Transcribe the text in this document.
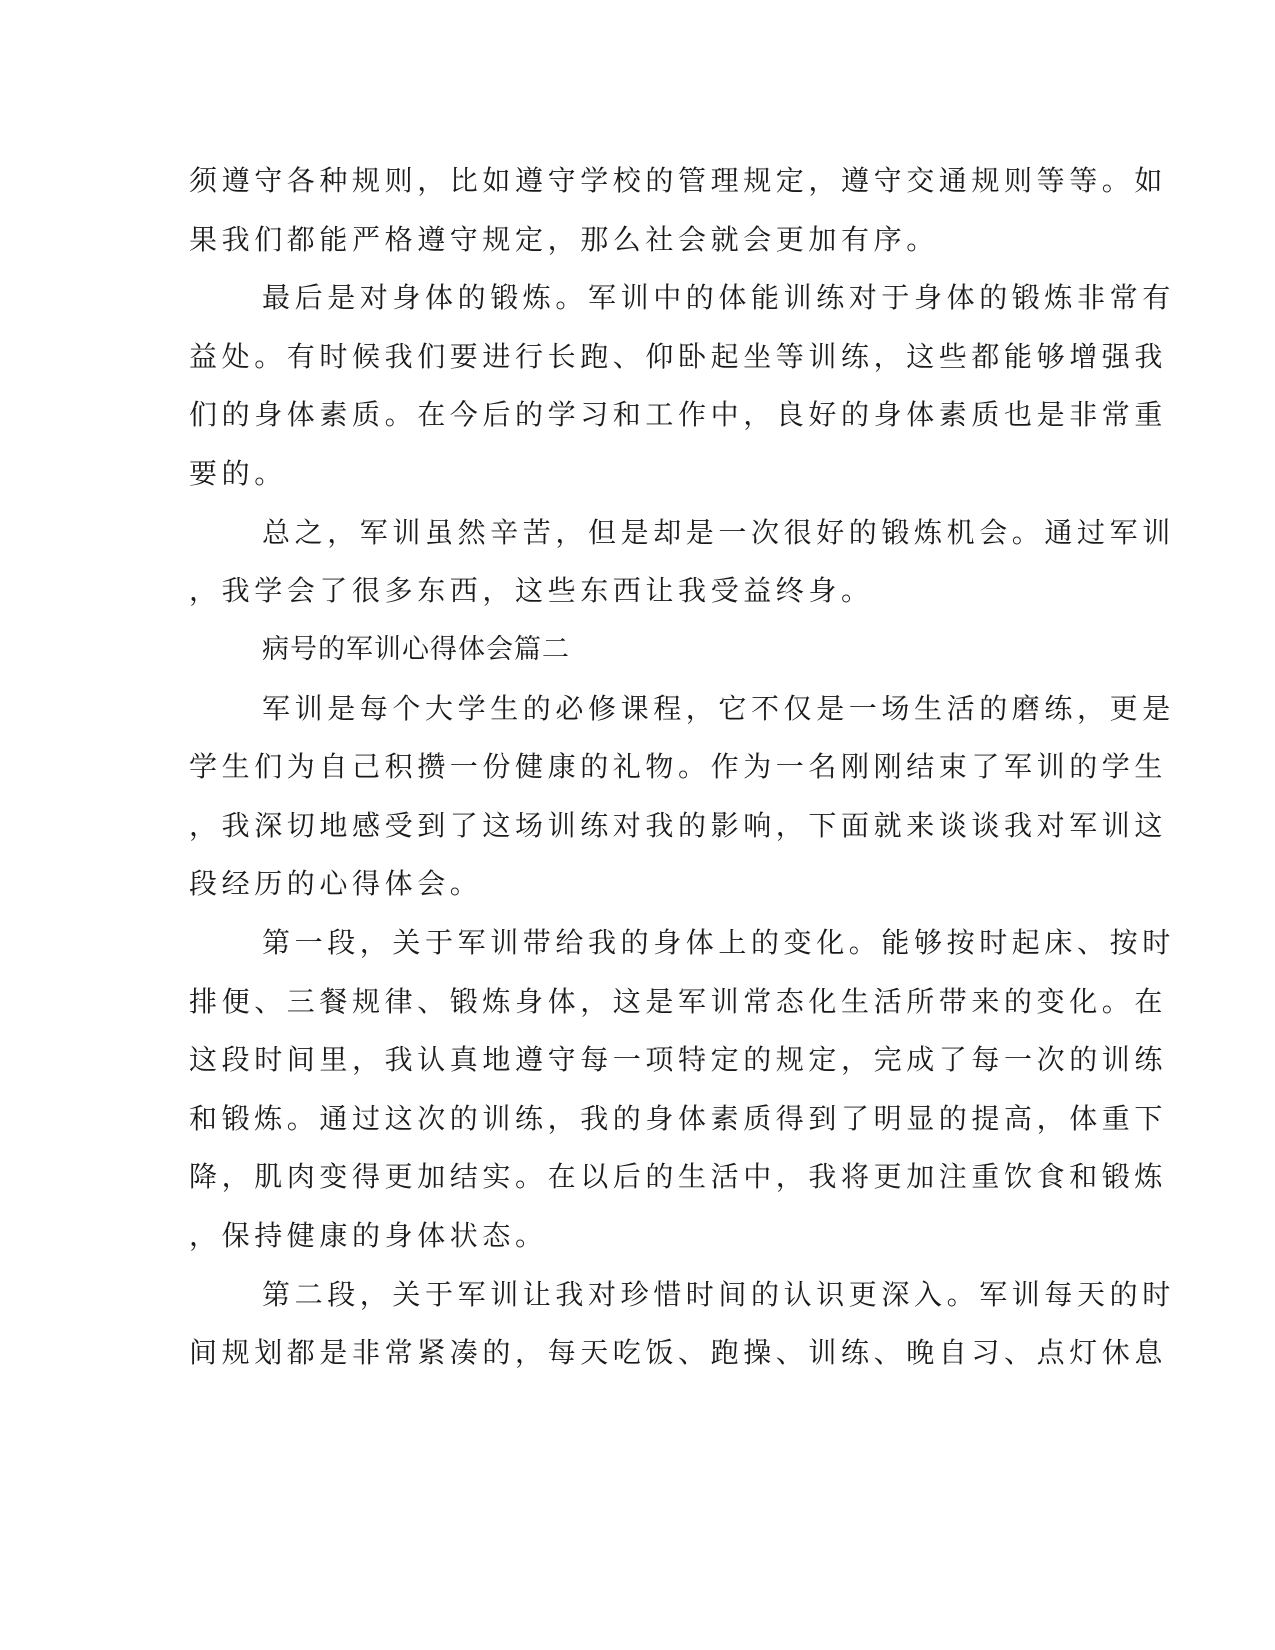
须遵守各种规则，比如遵守学校的管理规定，遵守交通规则等等。如
果我们都能严格遵守规定，那么社会就会更加有序。
最后是对身体的锻炼。军训中的体能训练对于身体的锻炼非常有
益处。有时候我们要进行长跑、仰卧起坐等训练，这些都能够增强我
们的身体素质。在今后的学习和工作中，良好的身体素质也是非常重
要的。
总之，军训虽然辛苦，但是却是一次很好的锻炼机会。通过军训
，我学会了很多东西，这些东西让我受益终身。
病号的军训心得体会篇二
军训是每个大学生的必修课程，它不仅是一场生活的磨练，更是
学生们为自己积攒一份健康的礼物。作为一名刚刚结束了军训的学生
，我深切地感受到了这场训练对我的影响，下面就来谈谈我对军训这
段经历的心得体会。
第一段，关于军训带给我的身体上的变化。能够按时起床、按时
排便、三餐规律、锻炼身体，这是军训常态化生活所带来的变化。在
这段时间里，我认真地遵守每一项特定的规定，完成了每一次的训练
和锻炼。通过这次的训练，我的身体素质得到了明显的提高，体重下
降，肌肉变得更加结实。在以后的生活中，我将更加注重饮食和锻炼
，保持健康的身体状态。
第二段，关于军训让我对珍惜时间的认识更深入。军训每天的时
间规划都是非常紧凑的，每天吃饭、跑操、训练、晚自习、点灯休息
